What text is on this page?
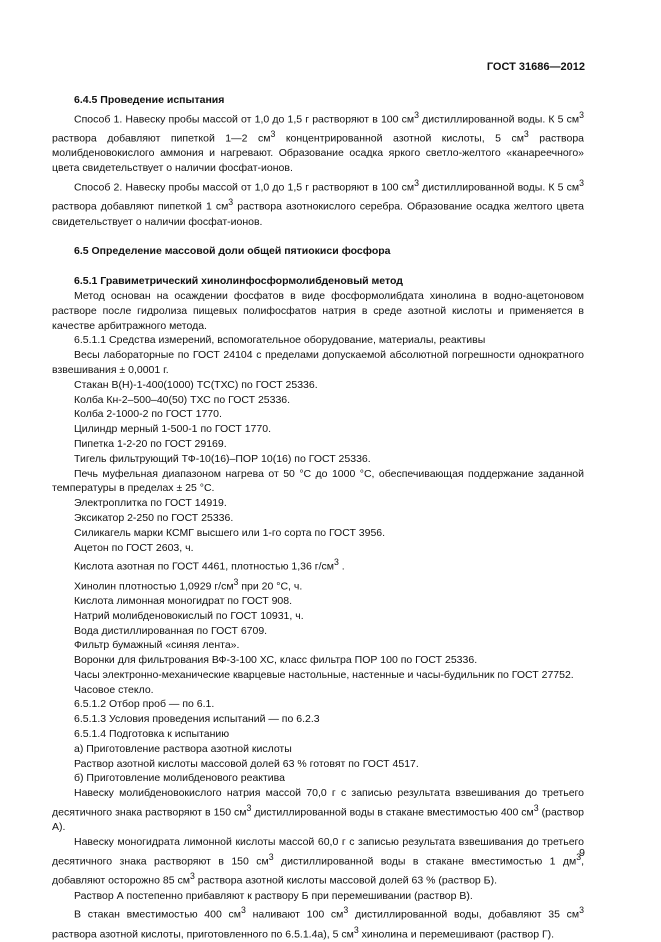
ГОСТ 31686—2012

6.4.5 Проведение испытания

Способ 1. Навеску пробы массой от 1,0 до 1,5 г растворяют в 100 $см^3$ дистиллированной воды. К 5 $см^3$ раствора добавляют пипеткой 1—2 $см^3$ концентрированной азотной кислоты, 5 $см^3$ раствора молибденовокислого аммония и нагревают. Образование осадка яркого светло-желтого «канареечного» цвета свидетельствует о наличии фосфат-ионов.

Способ 2. Навеску пробы массой от 1,0 до 1,5 г растворяют в 100 $см^3$ дистиллированной воды. К 5 $см^3$ раствора добавляют пипеткой 1 $см^3$ раствора азотнокислого серебра. Образование осадка желтого цвета свидетельствует о наличии фосфат-ионов.

6.5 Определение массовой доли общей пятиокиси фосфора

6.5.1 Гравиметрический хинолинфосформолибденовый метод

Метод основан на осаждении фосфатов в виде фосформолибдата хинолина в водно-ацетоновом растворе после гидролиза пищевых полифосфатов натрия в среде азотной кислоты и применяется в качестве арбитражного метода.

6.5.1.1 Средства измерений, вспомогательное оборудование, материалы, реактивы

Весы лабораторные по ГОСТ 24104 с пределами допускаемой абсолютной погрешности однократного взвешивания ± 0,0001 г.

Стакан В(Н)-1-400(1000) ТС(ТХС) по ГОСТ 25336.

Колба Кн-2–500–40(50) ТХС по ГОСТ 25336.

Колба 2-1000-2 по ГОСТ 1770.

Цилиндр мерный 1-500-1 по ГОСТ 1770.

Пипетка 1-2-20 по ГОСТ 29169.

Тигель фильтрующий ТФ-10(16)–ПОР 10(16) по ГОСТ 25336.

Печь муфельная диапазоном нагрева от 50 °С до 1000 °С, обеспечивающая поддержание заданной температуры в пределах ± 25 °С.

Электроплитка по ГОСТ 14919.

Эксикатор 2-250 по ГОСТ 25336.

Силикагель марки КСМГ высшего или 1-го сорта по ГОСТ 3956.

Ацетон по ГОСТ 2603, ч.

Кислота азотная по ГОСТ 4461, плотностью 1,36 $г/см^3$ .

Хинолин плотностью 1,0929 $г/см^3$ при 20 °С, ч.

Кислота лимонная моногидрат по ГОСТ 908.

Натрий молибденовокислый по ГОСТ 10931, ч.

Вода дистиллированная по ГОСТ 6709.

Фильтр бумажный «синяя лента».

Воронки для фильтрования ВФ-3-100 ХС, класс фильтра ПОР 100 по ГОСТ 25336.

Часы электронно-механические кварцевые настольные, настенные и часы-будильник по ГОСТ 27752.

Часовое стекло.

6.5.1.2 Отбор проб — по 6.1.

6.5.1.3 Условия проведения испытаний — по 6.2.3

6.5.1.4 Подготовка к испытанию

а) Приготовление раствора азотной кислоты

Раствор азотной кислоты массовой долей 63 % готовят по ГОСТ 4517.

б) Приготовление молибденового реактива

Навеску молибденовокислого натрия массой 70,0 г с записью результата взвешивания до третьего десятичного знака растворяют в 150 $см^3$ дистиллированной воды в стакане вместимостью 400 $см^3$ (раствор А).

Навеску моногидрата лимонной кислоты массой 60,0 г с записью результата взвешивания до третьего десятичного знака растворяют в 150 $см^3$ дистиллированной воды в стакане вместимостью 1 $дм^3$, добавляют осторожно 85 $см^3$ раствора азотной кислоты массовой долей 63 % (раствор Б).

Раствор А постепенно прибавляют к раствору Б при перемешивании (раствор В).

В стакан вместимостью 400 $см^3$ наливают 100 $см^3$ дистиллированной воды, добавляют 35 $см^3$ раствора азотной кислоты, приготовленного по 6.5.1.4а), 5 $см^3$ хинолина и перемешивают (раствор Г).

9
